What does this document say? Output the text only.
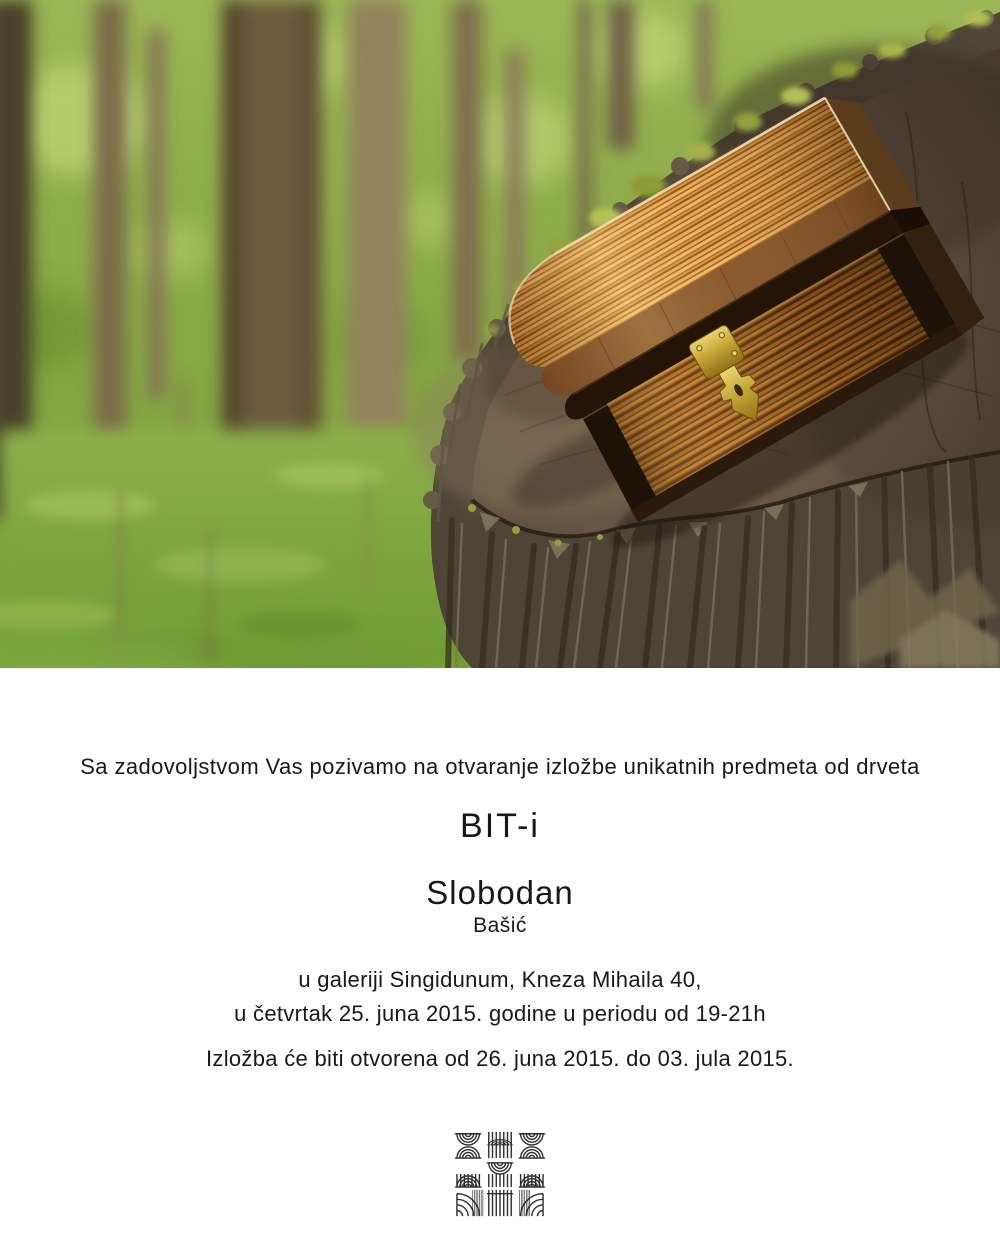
Sa zadovoljstvom Vas pozivamo na otvaranje izložbe unikatnih predmeta od drveta

BIT-i

Slobodan

Bašić

u galeriji Singidunum, Kneza Mihaila 40,

u četvrtak 25. juna 2015. godine u periodu od 19-21h

Izložba će biti otvorena od 26. juna 2015. do 03. jula 2015.
